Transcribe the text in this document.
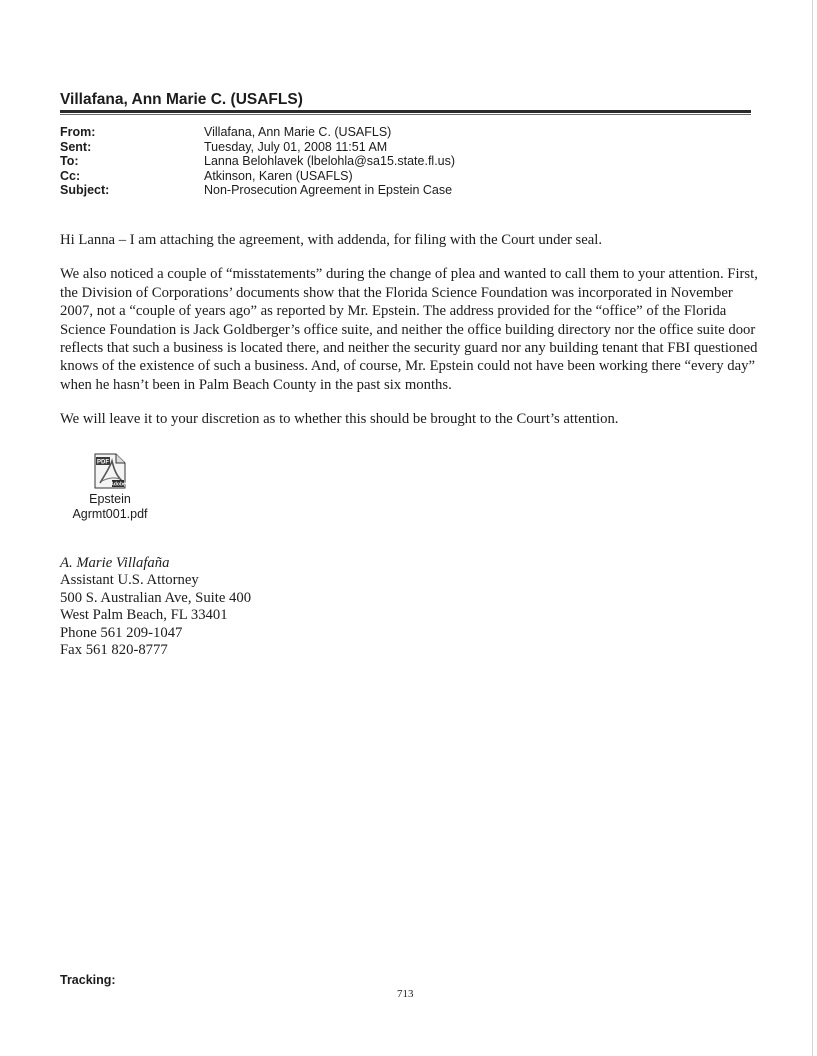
Villafana, Ann Marie C. (USAFLS)
From:	Villafana, Ann Marie C. (USAFLS)
Sent:	Tuesday, July 01, 2008 11:51 AM
To:	Lanna Belohlavek (lbelohla@sa15.state.fl.us)
Cc:	Atkinson, Karen (USAFLS)
Subject:	Non-Prosecution Agreement in Epstein Case

Hi Lanna – I am attaching the agreement, with addenda, for filing with the Court under seal.

We also noticed a couple of “misstatements” during the change of plea and wanted to call them to your attention. First, the Division of Corporations’ documents show that the Florida Science Foundation was incorporated in November 2007, not a “couple of years ago” as reported by Mr. Epstein. The address provided for the “office” of the Florida Science Foundation is Jack Goldberger’s office suite, and neither the office building directory nor the office suite door reflects that such a business is located there, and neither the security guard nor any building tenant that FBI questioned knows of the existence of such a business. And, of course, Mr. Epstein could not have been working there “every day” when he hasn’t been in Palm Beach County in the past six months.

We will leave it to your discretion as to whether this should be brought to the Court’s attention.

PDF
Adobe
Epstein
Agrmt001.pdf
A. Marie Villafaña
Assistant U.S. Attorney
500 S. Australian Ave, Suite 400
West Palm Beach, FL 33401
Phone 561 209-1047
Fax 561 820-8777
Tracking:
713
